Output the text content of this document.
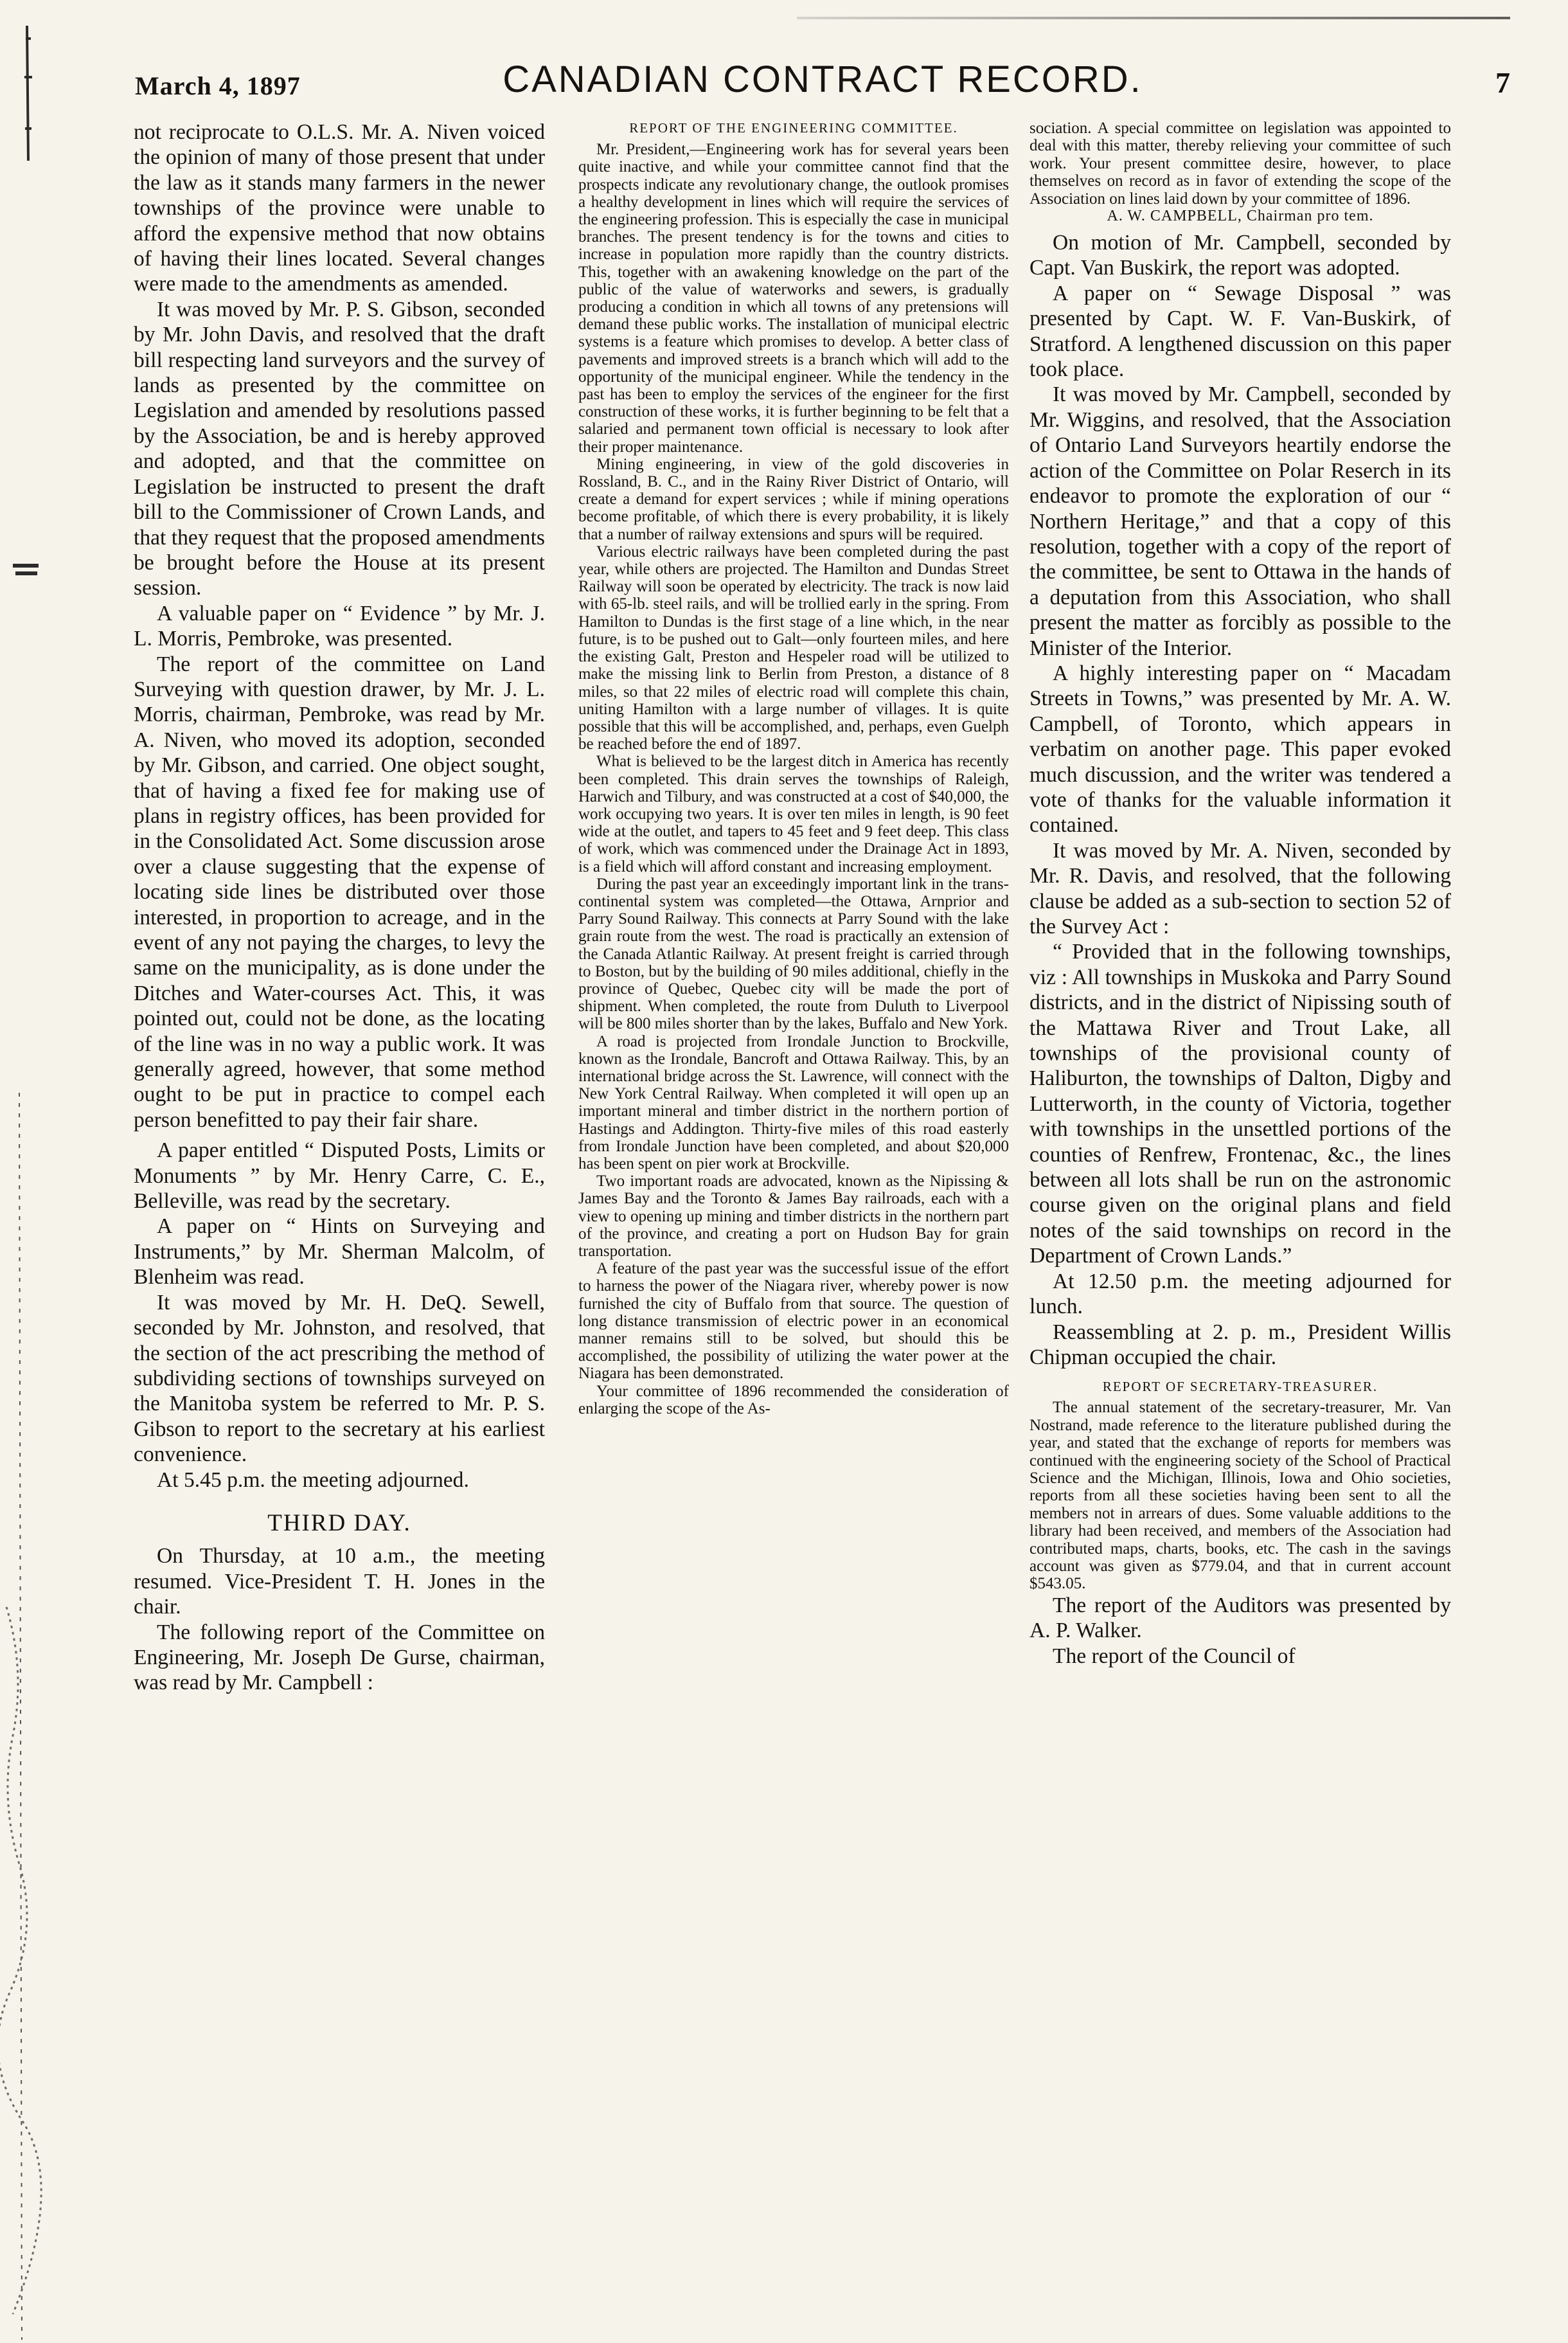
March 4, 1897	CANADIAN CONTRACT RECORD.	7

not reciprocate to O.L.S. Mr. A. Niven voiced the opinion of many of those present that under the law as it stands many farmers in the newer townships of the province were unable to afford the expensive method that now obtains of having their lines located. Several changes were made to the amendments as amended.

It was moved by Mr. P. S. Gibson, seconded by Mr. John Davis, and resolved that the draft bill respecting land surveyors and the survey of lands as presented by the committee on Legislation and amended by resolutions passed by the Association, be and is hereby approved and adopted, and that the committee on Legislation be instructed to present the draft bill to the Commissioner of Crown Lands, and that they request that the proposed amendments be brought before the House at its present session.

A valuable paper on “ Evidence ” by Mr. J. L. Morris, Pembroke, was presented.

The report of the committee on Land Surveying with question drawer, by Mr. J. L. Morris, chairman, Pembroke, was read by Mr. A. Niven, who moved its adoption, seconded by Mr. Gibson, and carried. One object sought, that of having a fixed fee for making use of plans in registry offices, has been provided for in the Consolidated Act. Some discussion arose over a clause suggesting that the expense of locating side lines be distributed over those interested, in proportion to acreage, and in the event of any not paying the charges, to levy the same on the municipality, as is done under the Ditches and Water-courses Act. This, it was pointed out, could not be done, as the locating of the line was in no way a public work. It was generally agreed, however, that some method ought to be put in practice to compel each person benefitted to pay their fair share.

A paper entitled “ Disputed Posts, Limits or Monuments ” by Mr. Henry Carre, C. E., Belleville, was read by the secretary.

A paper on “ Hints on Surveying and Instruments,” by Mr. Sherman Malcolm, of Blenheim was read.

It was moved by Mr. H. DeQ. Sewell, seconded by Mr. Johnston, and resolved, that the section of the act prescribing the method of subdividing sections of townships surveyed on the Manitoba system be referred to Mr. P. S. Gibson to report to the secretary at his earliest convenience.

At 5.45 p.m. the meeting adjourned.

THIRD DAY.

On Thursday, at 10 a.m., the meeting resumed. Vice-President T. H. Jones in the chair.

The following report of the Committee on Engineering, Mr. Joseph De Gurse, chairman, was read by Mr. Campbell :

REPORT OF THE ENGINEERING COMMITTEE.

Mr. President,—Engineering work has for several years been quite inactive, and while your committee cannot find that the prospects indicate any revolutionary change, the outlook promises a healthy development in lines which will require the services of the engineering profession. This is especially the case in municipal branches. The present tendency is for the towns and cities to increase in population more rapidly than the country districts. This, together with an awakening knowledge on the part of the public of the value of waterworks and sewers, is gradually producing a condition in which all towns of any pretensions will demand these public works. The installation of municipal electric systems is a feature which promises to develop. A better class of pavements and improved streets is a branch which will add to the opportunity of the municipal engineer. While the tendency in the past has been to employ the services of the engineer for the first construction of these works, it is further beginning to be felt that a salaried and permanent town official is necessary to look after their proper maintenance.

Mining engineering, in view of the gold discoveries in Rossland, B. C., and in the Rainy River District of Ontario, will create a demand for expert services ; while if mining operations become profitable, of which there is every probability, it is likely that a number of railway extensions and spurs will be required.

Various electric railways have been completed during the past year, while others are projected. The Hamilton and Dundas Street Railway will soon be operated by electricity. The track is now laid with 65-lb. steel rails, and will be trollied early in the spring. From Hamilton to Dundas is the first stage of a line which, in the near future, is to be pushed out to Galt—only fourteen miles, and here the existing Galt, Preston and Hespeler road will be utilized to make the missing link to Berlin from Preston, a distance of 8 miles, so that 22 miles of electric road will complete this chain, uniting Hamilton with a large number of villages. It is quite possible that this will be accomplished, and, perhaps, even Guelph be reached before the end of 1897.

What is believed to be the largest ditch in America has recently been completed. This drain serves the townships of Raleigh, Harwich and Tilbury, and was constructed at a cost of $40,000, the work occupying two years. It is over ten miles in length, is 90 feet wide at the outlet, and tapers to 45 feet and 9 feet deep. This class of work, which was commenced under the Drainage Act in 1893, is a field which will afford constant and increasing employment.

During the past year an exceedingly important link in the trans-continental system was completed—the Ottawa, Arnprior and Parry Sound Railway. This connects at Parry Sound with the lake grain route from the west. The road is practically an extension of the Canada Atlantic Railway. At present freight is carried through to Boston, but by the building of 90 miles additional, chiefly in the province of Quebec, Quebec city will be made the port of shipment. When completed, the route from Duluth to Liverpool will be 800 miles shorter than by the lakes, Buffalo and New York.

A road is projected from Irondale Junction to Brockville, known as the Irondale, Bancroft and Ottawa Railway. This, by an international bridge across the St. Lawrence, will connect with the New York Central Railway. When completed it will open up an important mineral and timber district in the northern portion of Hastings and Addington. Thirty-five miles of this road easterly from Irondale Junction have been completed, and about $20,000 has been spent on pier work at Brockville.

Two important roads are advocated, known as the Nipissing & James Bay and the Toronto & James Bay railroads, each with a view to opening up mining and timber districts in the northern part of the province, and creating a port on Hudson Bay for grain transportation.

A feature of the past year was the successful issue of the effort to harness the power of the Niagara river, whereby power is now furnished the city of Buffalo from that source. The question of long distance transmission of electric power in an economical manner remains still to be solved, but should this be accomplished, the possibility of utilizing the water power at the Niagara has been demonstrated.

Your committee of 1896 recommended the consideration of enlarging the scope of the As-

sociation. A special committee on legislation was appointed to deal with this matter, thereby relieving your committee of such work. Your present committee desire, however, to place themselves on record as in favor of extending the scope of the Association on lines laid down by your committee of 1896.

A. W. CAMPBELL, Chairman pro tem.

On motion of Mr. Campbell, seconded by Capt. Van Buskirk, the report was adopted.

A paper on “ Sewage Disposal ” was presented by Capt. W. F. Van-Buskirk, of Stratford. A lengthened discussion on this paper took place.

It was moved by Mr. Campbell, seconded by Mr. Wiggins, and resolved, that the Association of Ontario Land Surveyors heartily endorse the action of the Committee on Polar Reserch in its endeavor to promote the exploration of our “ Northern Heritage,” and that a copy of this resolution, together with a copy of the report of the committee, be sent to Ottawa in the hands of a deputation from this Association, who shall present the matter as forcibly as possible to the Minister of the Interior.

A highly interesting paper on “ Macadam Streets in Towns,” was presented by Mr. A. W. Campbell, of Toronto, which appears in verbatim on another page. This paper evoked much discussion, and the writer was tendered a vote of thanks for the valuable information it contained.

It was moved by Mr. A. Niven, seconded by Mr. R. Davis, and resolved, that the following clause be added as a sub-section to section 52 of the Survey Act :

“ Provided that in the following townships, viz : All townships in Muskoka and Parry Sound districts, and in the district of Nipissing south of the Mattawa River and Trout Lake, all townships of the provisional county of Haliburton, the townships of Dalton, Digby and Lutterworth, in the county of Victoria, together with townships in the unsettled portions of the counties of Renfrew, Frontenac, &c., the lines between all lots shall be run on the astronomic course given on the original plans and field notes of the said townships on record in the Department of Crown Lands.”

At 12.50 p.m. the meeting adjourned for lunch.

Reassembling at 2. p. m., President Willis Chipman occupied the chair.

REPORT OF SECRETARY-TREASURER.

The annual statement of the secretary-treasurer, Mr. Van Nostrand, made reference to the literature published during the year, and stated that the exchange of reports for members was continued with the engineering society of the School of Practical Science and the Michigan, Illinois, Iowa and Ohio societies, reports from all these societies having been sent to all the members not in arrears of dues. Some valuable additions to the library had been received, and members of the Association had contributed maps, charts, books, etc. The cash in the savings account was given as $779.04, and that in current account $543.05.

The report of the Auditors was presented by A. P. Walker.

The report of the Council of
